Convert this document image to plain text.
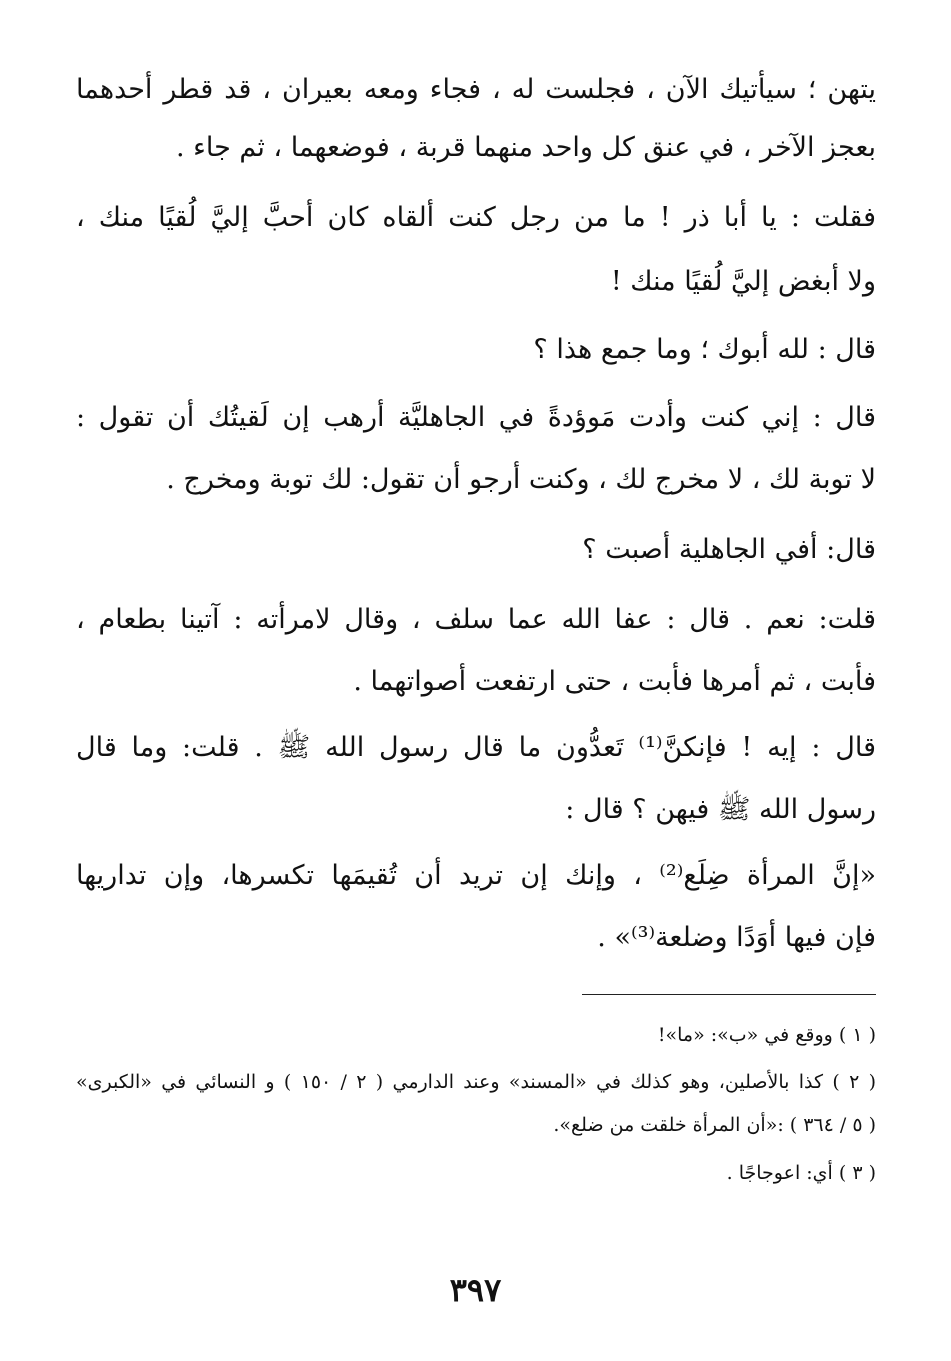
يتهن ؛ سيأتيك الآن ، فجلست له ، فجاء ومعه بعيران ، قد قطر أحدهما
بعجز الآخر ، في عنق كل واحد منهما قربة ، فوضعهما ، ثم جاء .
فقلت : يا أبا ذر ! ما من رجل كنت ألقاه كان أحبَّ إليَّ لُقيًا منك ،
ولا أبغض إليَّ لُقيًا منك !
قال : لله أبوك ؛ وما جمع هذا ؟
قال : إني كنت وأدت مَوؤدةً في الجاهليَّة أرهب إن لَقيتُك أن تقول :
لا توبة لك ، لا مخرج لك ، وكنت أرجو أن تقول: لك توبة ومخرج .
قال: أفي الجاهلية أصبت ؟
قلت: نعم . قال : عفا الله عما سلف ، وقال لامرأته : آتينا بطعام ،
فأبت ، ثم أمرها فأبت ، حتى ارتفعت أصواتهما .
قال : إيه ! فإنكنَّ⁽¹⁾ تَعدُّون ما قال رسول الله ﷺ . قلت: وما قال
رسول الله ﷺ فيهن ؟ قال :
«إنَّ المرأة ضِلَع⁽²⁾ ، وإنك إن تريد أن تُقيمَها تكسرها، وإن تداريها
فإن فيها أوَدًا وضلعة⁽³⁾» .
( ١ ) ووقع في «ب»: «ما»!
( ٢ ) كذا بالأصلين، وهو كذلك في «المسند» وعند الدارمي ( ٢ / ١٥٠ ) و النسائي في «الكبرى»
( ٥ / ٣٦٤ ) :«أن المرأة خلقت من ضلع».
( ٣ ) أي: اعوجاجًا .
٣٩٧
